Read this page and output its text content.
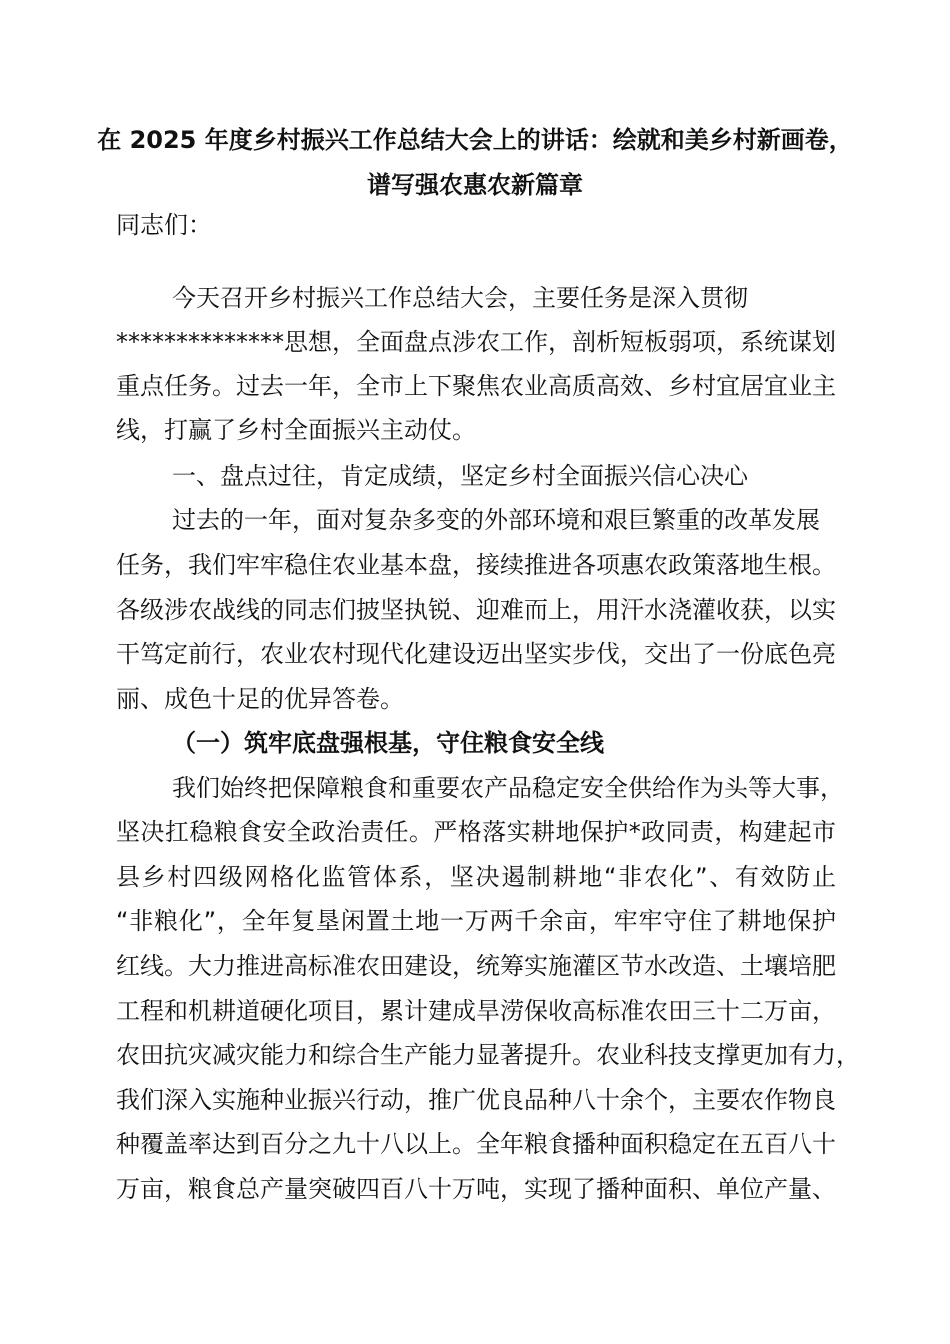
在 2025 年度乡村振兴工作总结大会上的讲话：绘就和美乡村新画卷，
谱写强农惠农新篇章
同志们：
今天召开乡村振兴工作总结大会，主要任务是深入贯彻
**************思想，全面盘点涉农工作，剖析短板弱项，系统谋划
重点任务。过去一年，全市上下聚焦农业高质高效、乡村宜居宜业主
线，打赢了乡村全面振兴主动仗。
一、盘点过往，肯定成绩，坚定乡村全面振兴信心决心
过去的一年，面对复杂多变的外部环境和艰巨繁重的改革发展
任务，我们牢牢稳住农业基本盘，接续推进各项惠农政策落地生根。
各级涉农战线的同志们披坚执锐、迎难而上，用汗水浇灌收获，以实
干笃定前行，农业农村现代化建设迈出坚实步伐，交出了一份底色亮
丽、成色十足的优异答卷。
（一）筑牢底盘强根基，守住粮食安全线
我们始终把保障粮食和重要农产品稳定安全供给作为头等大事，
坚决扛稳粮食安全政治责任。严格落实耕地保护*政同责，构建起市
县乡村四级网格化监管体系，坚决遏制耕地“非农化”、有效防止
“非粮化”，全年复垦闲置土地一万两千余亩，牢牢守住了耕地保护
红线。大力推进高标准农田建设，统筹实施灌区节水改造、土壤培肥
工程和机耕道硬化项目，累计建成旱涝保收高标准农田三十二万亩，
农田抗灾减灾能力和综合生产能力显著提升。农业科技支撑更加有力，
我们深入实施种业振兴行动，推广优良品种八十余个，主要农作物良
种覆盖率达到百分之九十八以上。全年粮食播种面积稳定在五百八十
万亩，粮食总产量突破四百八十万吨，实现了播种面积、单位产量、
